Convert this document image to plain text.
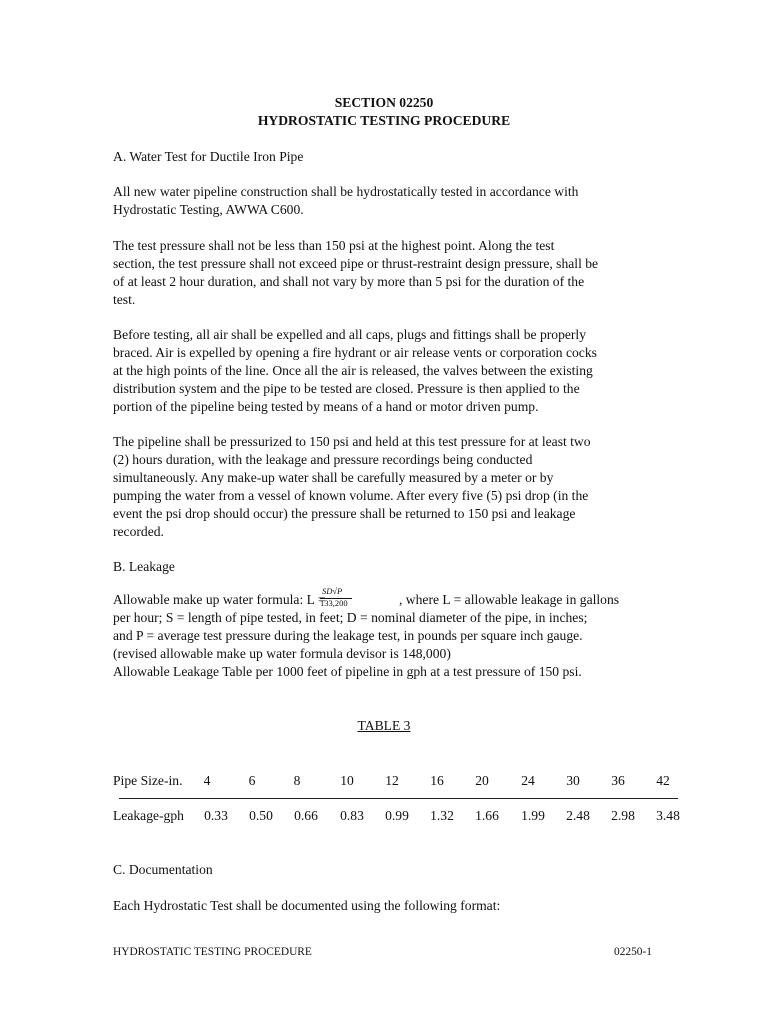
SECTION 02250
HYDROSTATIC TESTING PROCEDURE
A. Water Test for Ductile Iron Pipe
All new water pipeline construction shall be hydrostatically tested in accordance with
Hydrostatic Testing, AWWA C600.
The test pressure shall not be less than 150 psi at the highest point. Along the test
section, the test pressure shall not exceed pipe or thrust-restraint design pressure, shall be
of at least 2 hour duration, and shall not vary by more than 5 psi for the duration of the
test.
Before testing, all air shall be expelled and all caps, plugs and fittings shall be properly
braced. Air is expelled by opening a fire hydrant or air release vents or corporation cocks
at the high points of the line. Once all the air is released, the valves between the existing
distribution system and the pipe to be tested are closed. Pressure is then applied to the
portion of the pipeline being tested by means of a hand or motor driven pump.
The pipeline shall be pressurized to 150 psi and held at this test pressure for at least two
(2) hours duration, with the leakage and pressure recordings being conducted
simultaneously. Any make-up water shall be carefully measured by a meter or by
pumping the water from a vessel of known volume. After every five (5) psi drop (in the
event the psi drop should occur) the pressure shall be returned to 150 psi and leakage
recorded.
B. Leakage
Allowable make up water formula: L =
SD√P
133,200	, where L = allowable leakage in gallons
per hour; S = length of pipe tested, in feet; D = nominal diameter of the pipe, in inches;
and P = average test pressure during the leakage test, in pounds per square inch gauge.
(revised allowable make up water formula devisor is 148,000)
Allowable Leakage Table per 1000 feet of pipeline in gph at a test pressure of 150 psi.
TABLE 3
Pipe Size-in.	4	6	8	10	12	16	20	24	30	36	42
Leakage-gph	0.33	0.50	0.66	0.83	0.99	1.32	1.66	1.99	2.48	2.98	3.48
C. Documentation
Each Hydrostatic Test shall be documented using the following format:
HYDROSTATIC TESTING PROCEDURE	02250-1
